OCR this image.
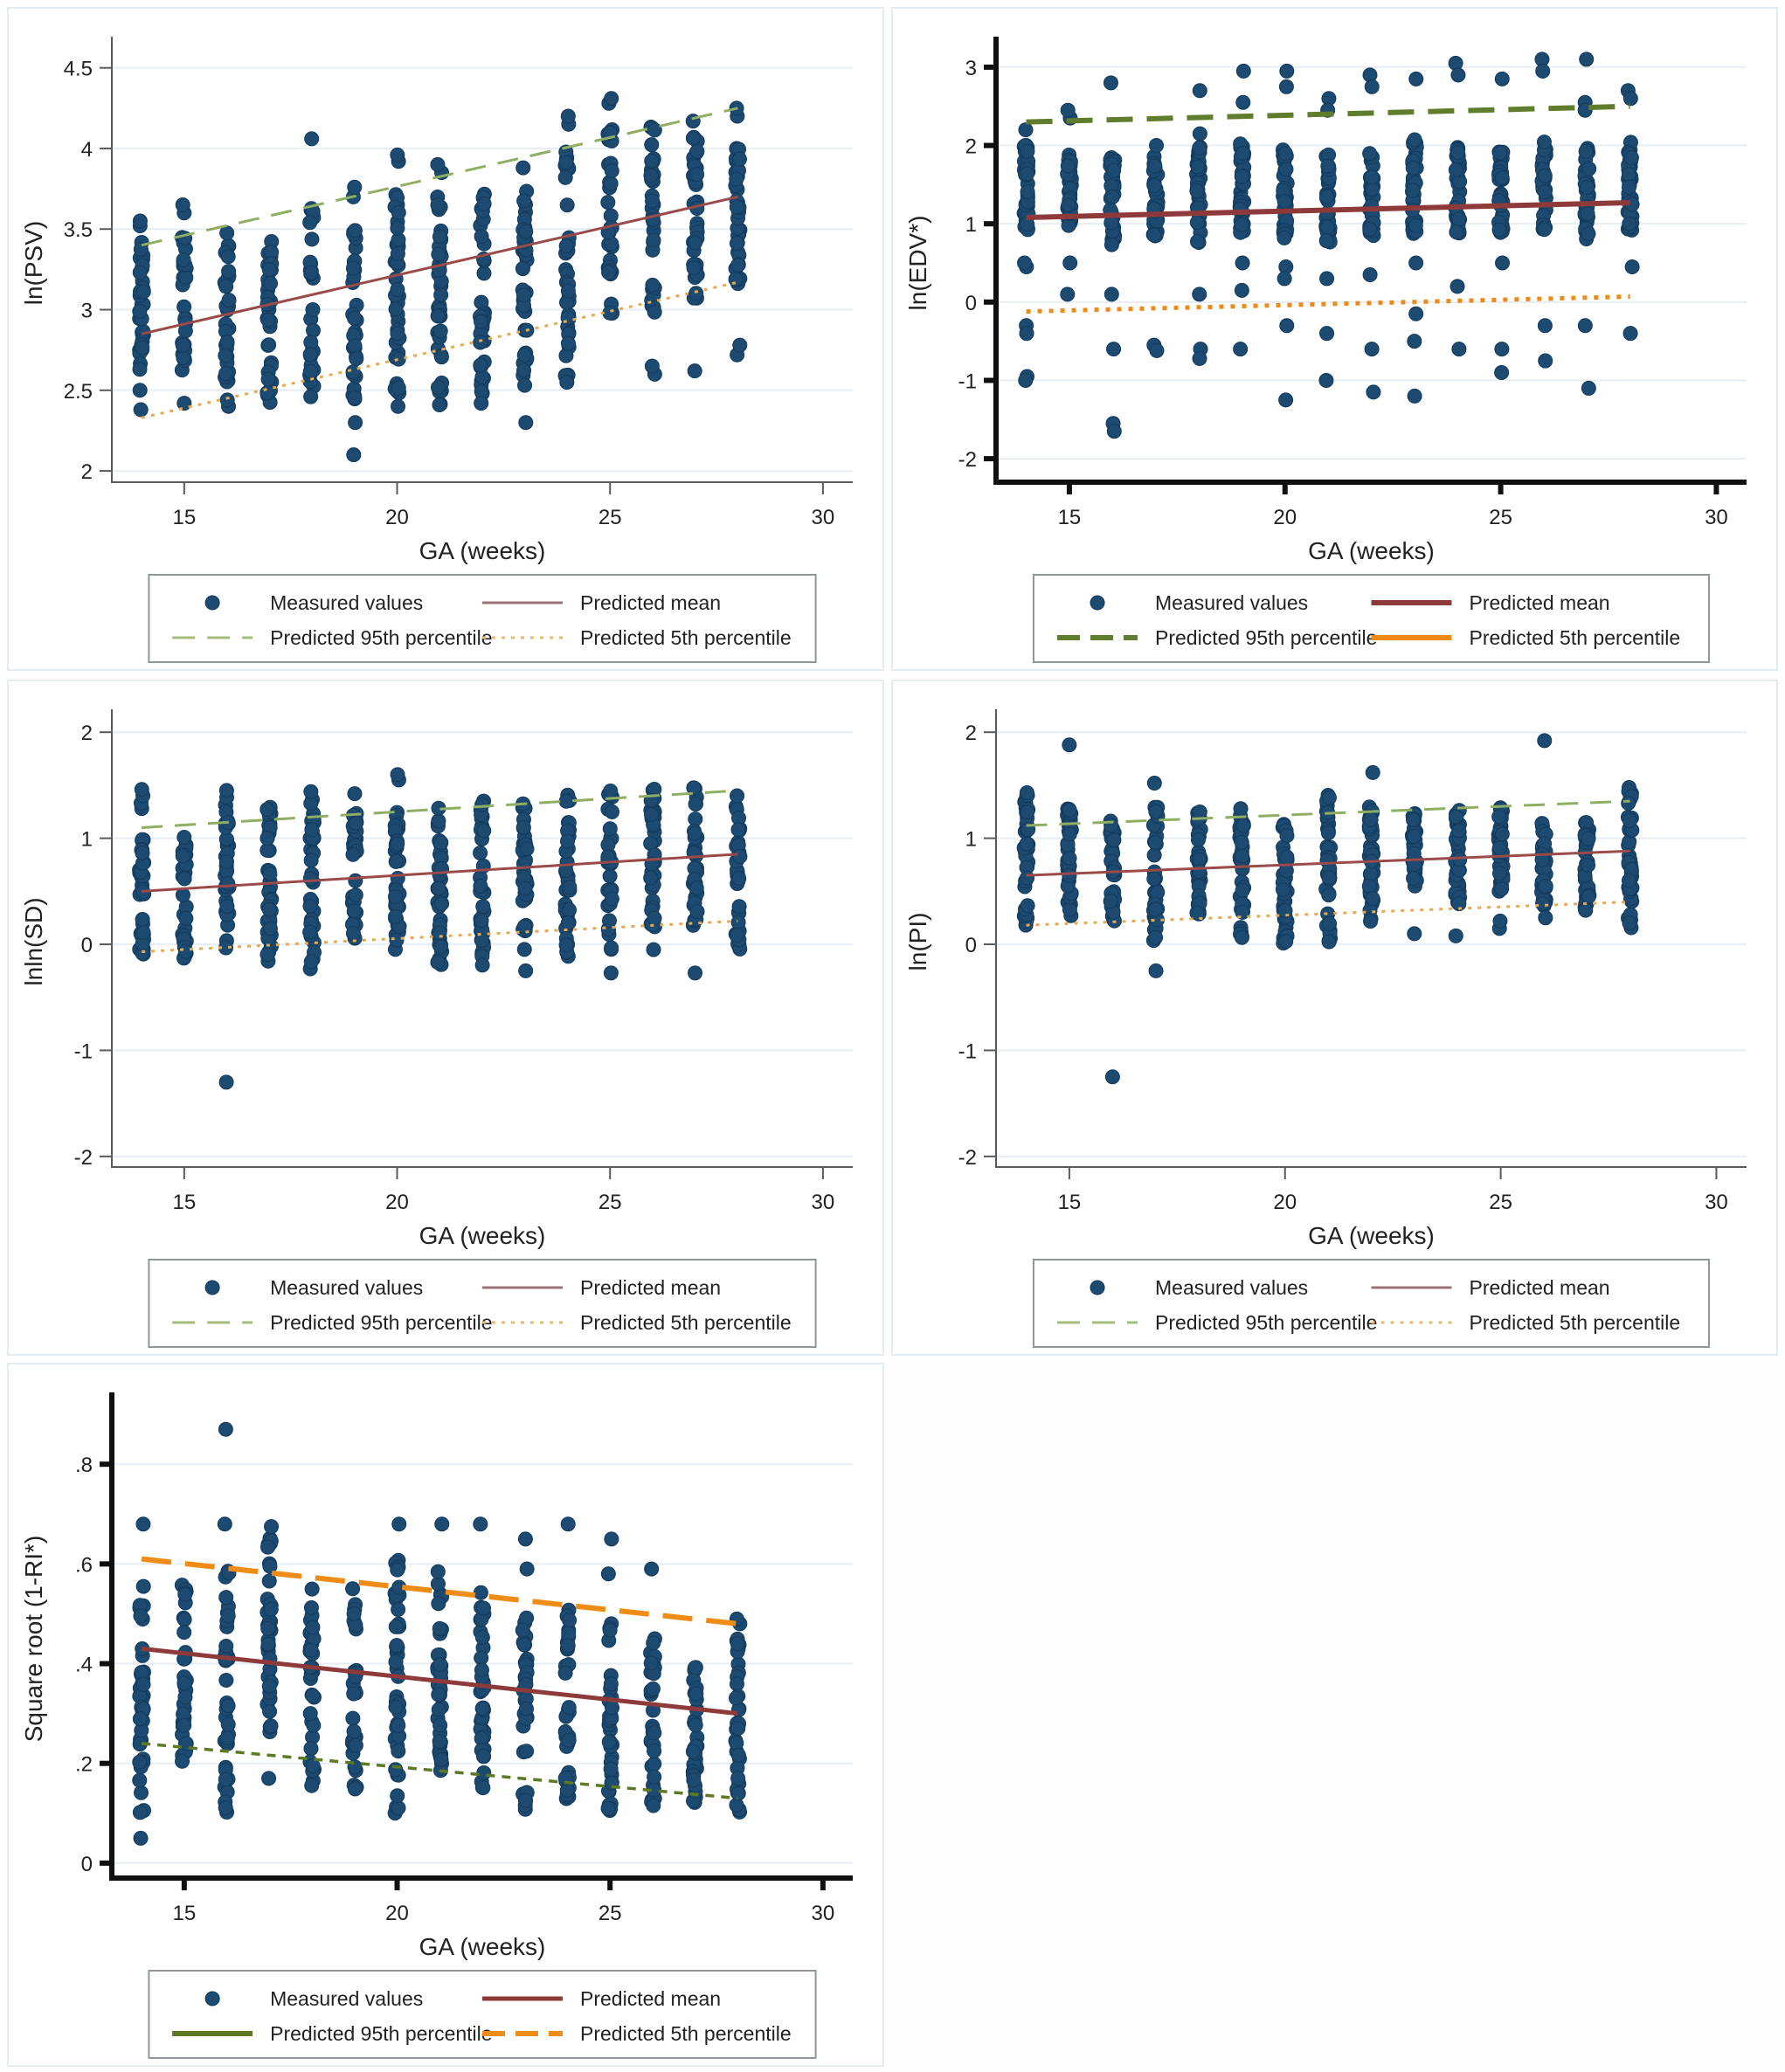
2
2.5
3
3.5
4
4.5
15	20	25	30
GA (weeks)
ln(PSV)
Measured values	Predicted mean
Predicted 95th percentile	Predicted 5th percentile
-2
-1
0
1
2
3
15	20	25	30
GA (weeks)
ln(EDV*)
Measured values	Predicted mean
Predicted 95th percentile	Predicted 5th percentile
-2
-1
0
1
2
15	20	25	30
GA (weeks)
lnln(SD)
Measured values	Predicted mean
Predicted 95th percentile	Predicted 5th percentile
-2
-1
0
1
2
15	20	25	30
GA (weeks)
ln(PI)
Measured values	Predicted mean
Predicted 95th percentile	Predicted 5th percentile
0
.2
.4
.6
.8
15	20	25	30
GA (weeks)
Square root (1-RI*)
Measured values	Predicted mean
Predicted 95th percentile	Predicted 5th percentile
